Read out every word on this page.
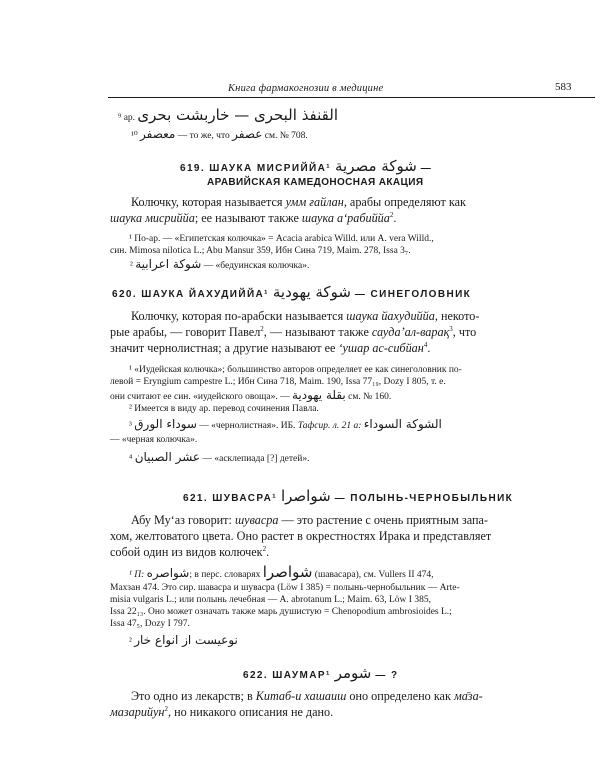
Книга фармакогнозии в медицине	583
⁹ ар. القنفذ البحرى — خاربشت بحرى
¹⁰ معصفر — то же, что عصفر см. № 708.
619. ШАУКА МИСРИЙЙА¹ شوكة مصرية —
АРАВИЙСКАЯ КАМЕДОНОСНАЯ АКАЦИЯ
Колючку, которая называется умм ғайлан, арабы определяют как
шаука мисриййа; ее называют также шаука а‘рабиййа$^2$.
¹ По-ар. — «Египетская колючка» = Acacia arabica Willd. или A. vera Willd.,
син. Mimosa nilotica L.; Abu Mansur 359, Ибн Сина 719, Maim. 278, Issa 3₇.
² شوكة اعرابية — «бедуинская колючка».
620. ШАУКА ЙАХУДИЙЙА¹ شوكة يهودية — СИНЕГОЛОВНИК
Колючку, которая по-арабски называется шаука йахудиййа, некото-
рые арабы, — говорит Павел$^2$, — называют также сауда’ал-варақ$^3$, что
значит чернолистная; а другие называют ее ‘ушар ас-сибйан$^4$.
¹ «Иудейская колючка»; большинство авторов определяет ее как синеголовник по-
левой = Eryngium campestre L.; Ибн Сина 718, Maim. 190, Issa 77₁₉, Dozy I 805, т. е.
они считают ее син. «иудейского овоща». — بقلة يهودية см. № 160.
² Имеется в виду ар. перевод сочинения Павла.
³ سوداء الورق — «чернолистная». ИБ. Тафсир. л. 21 а: الشوكة السوداء
— «черная колючка».
⁴ عشر الصبيان — «асклепиада [?] детей».
621. ШУВАСРА¹ شواصرا — ПОЛЫНЬ-ЧЕРНОБЫЛЬНИК
Абу Му‘аз говорит: шувасра — это растение с очень приятным запа-
хом, желтоватого цвета. Оно растет в окрестностях Ирака и представляет
собой один из видов колючек$^2$.
¹ П: شواصره; в перс. словарях شواصرا (шавасара), см. Vullers II 474,
Махзан 474. Это сир. шавасра и шувасра (Löw I 385) = полынь-чернобыльник — Arte-
misia vulgaris L.; или полынь лечебная — A. abrotanum L.; Maim. 63, Löw I 385,
Issa 22₁₃. Оно может означать также марь душистую = Chenopodium ambrosioides L.;
Issa 47₅, Dozy I 797.
² نوعيست از انواع خار
622. ШАУМАР¹ شومر — ?
Это одно из лекарств; в Китаб-и хашаиш оно определено как ма̄за-
мазарийун$^2$, но никакого описания не дано.
